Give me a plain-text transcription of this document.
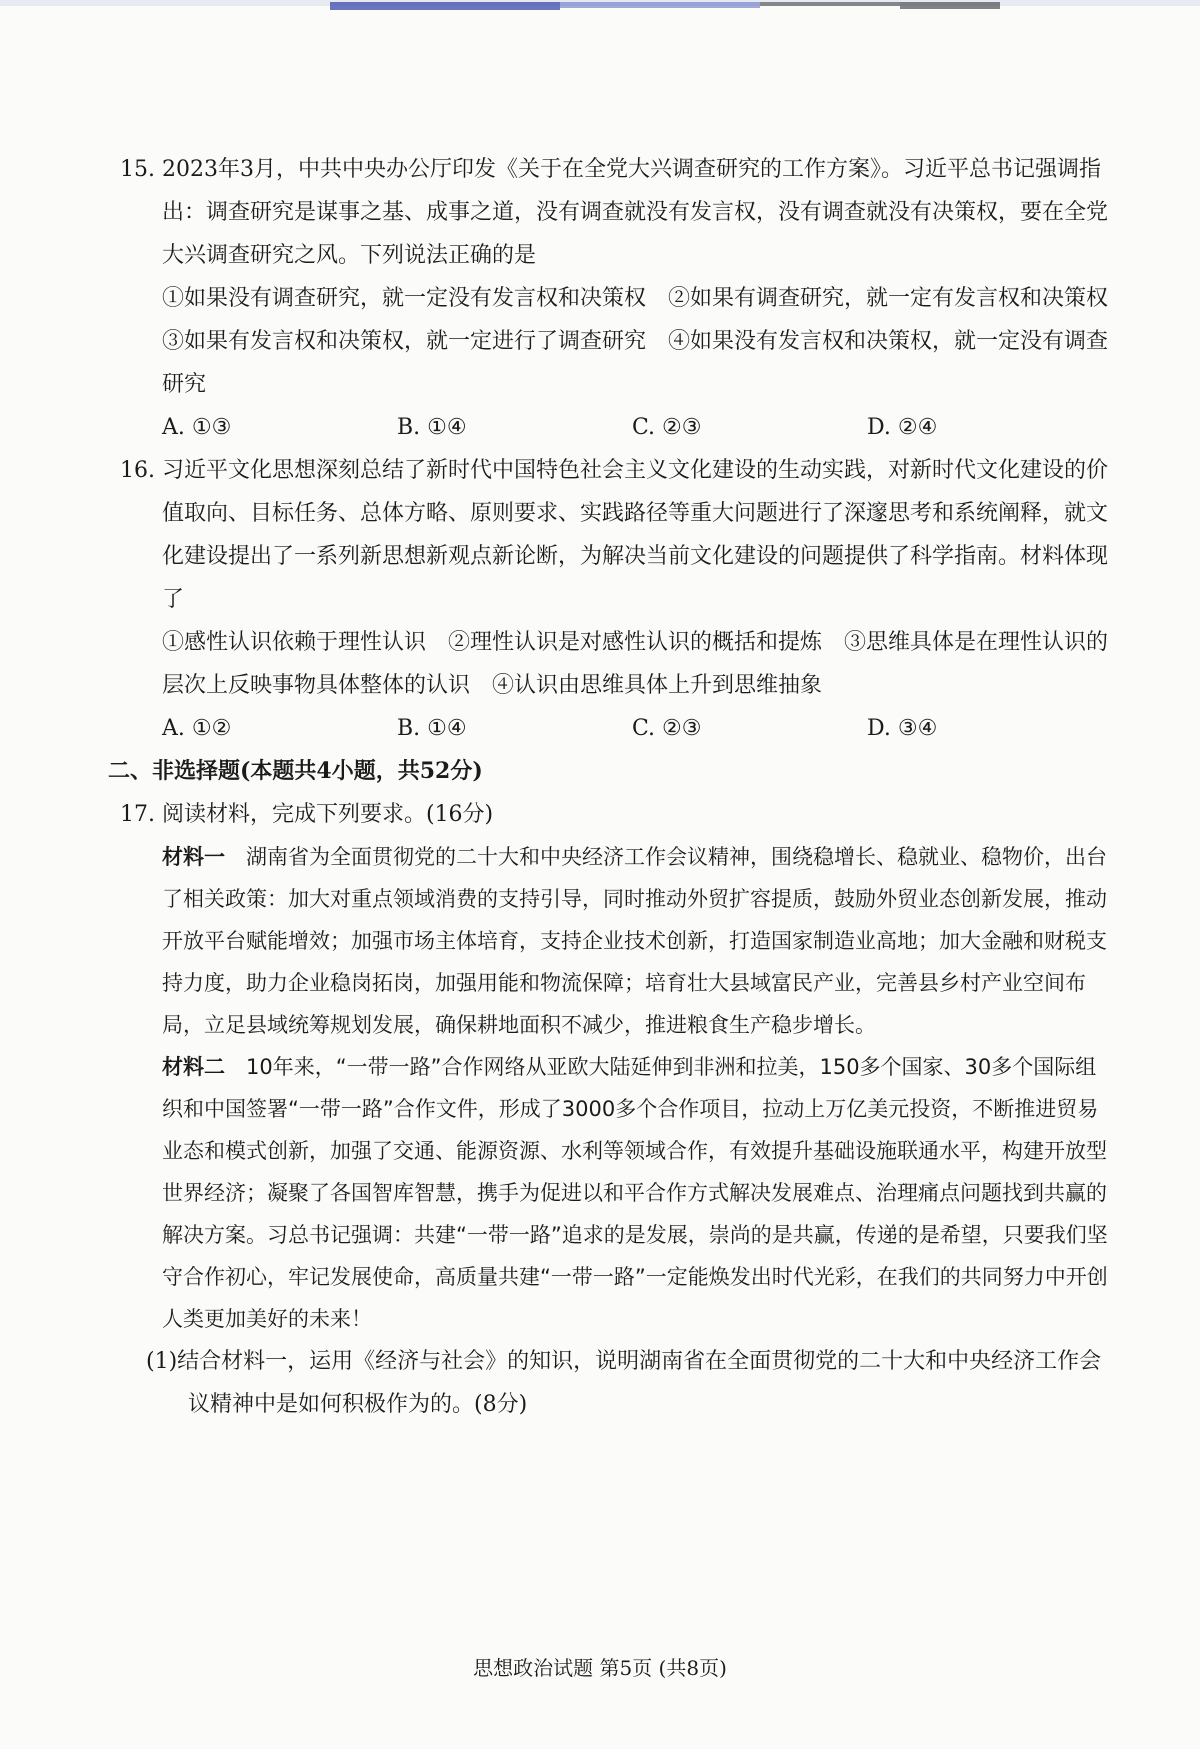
15. 2023年3月，中共中央办公厅印发《关于在全党大兴调查研究的工作方案》。习近平总书记强调指出：调查研究是谋事之基、成事之道，没有调查就没有发言权，没有调查就没有决策权，要在全党大兴调查研究之风。下列说法正确的是

①如果没有调查研究，就一定没有发言权和决策权　②如果有调查研究，就一定有发言权和决策权　③如果有发言权和决策权，就一定进行了调查研究　④如果没有发言权和决策权，就一定没有调查研究

A. ①③	B. ①④	C. ②③	D. ②④

16. 习近平文化思想深刻总结了新时代中国特色社会主义文化建设的生动实践，对新时代文化建设的价值取向、目标任务、总体方略、原则要求、实践路径等重大问题进行了深邃思考和系统阐释，就文化建设提出了一系列新思想新观点新论断，为解决当前文化建设的问题提供了科学指南。材料体现了

①感性认识依赖于理性认识　②理性认识是对感性认识的概括和提炼　③思维具体是在理性认识的层次上反映事物具体整体的认识　④认识由思维具体上升到思维抽象

A. ①②	B. ①④	C. ②③	D. ③④

二、非选择题(本题共4小题，共52分)

17. 阅读材料，完成下列要求。(16分)

材料一　湖南省为全面贯彻党的二十大和中央经济工作会议精神，围绕稳增长、稳就业、稳物价，出台了相关政策：加大对重点领域消费的支持引导，同时推动外贸扩容提质，鼓励外贸业态创新发展，推动开放平台赋能增效；加强市场主体培育，支持企业技术创新，打造国家制造业高地；加大金融和财税支持力度，助力企业稳岗拓岗，加强用能和物流保障；培育壮大县域富民产业，完善县乡村产业空间布局，立足县域统筹规划发展，确保耕地面积不减少，推进粮食生产稳步增长。
材料二　10年来，“一带一路”合作网络从亚欧大陆延伸到非洲和拉美，150多个国家、30多个国际组织和中国签署“一带一路”合作文件，形成了3000多个合作项目，拉动上万亿美元投资，不断推进贸易业态和模式创新，加强了交通、能源资源、水利等领域合作，有效提升基础设施联通水平，构建开放型世界经济；凝聚了各国智库智慧，携手为促进以和平合作方式解决发展难点、治理痛点问题找到共赢的解决方案。习总书记强调：共建“一带一路”追求的是发展，崇尚的是共赢，传递的是希望，只要我们坚守合作初心，牢记发展使命，高质量共建“一带一路”一定能焕发出时代光彩，在我们的共同努力中开创人类更加美好的未来！

(1)结合材料一，运用《经济与社会》的知识，说明湖南省在全面贯彻党的二十大和中央经济工作会议精神中是如何积极作为的。(8分)

思想政治试题 第5页 (共8页)
